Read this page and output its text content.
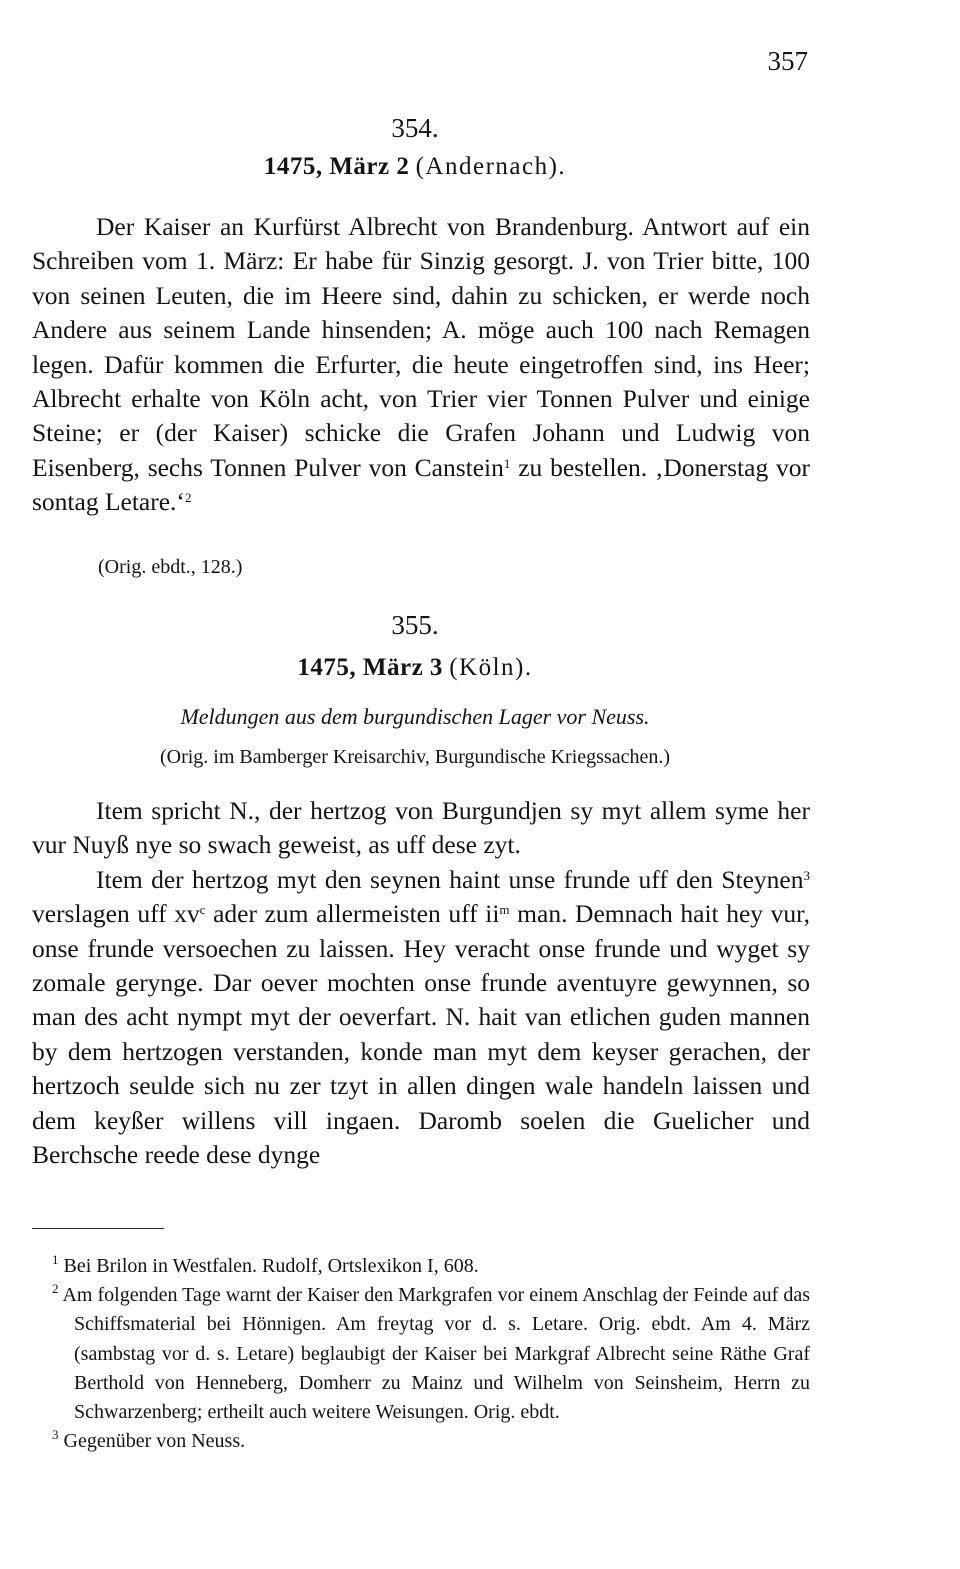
357
354.
1475, März 2 (Andernach).

Der Kaiser an Kurfürst Albrecht von Brandenburg. Antwort auf ein Schreiben vom 1. März: Er habe für Sinzig gesorgt. J. von Trier bitte, 100 von seinen Leuten, die im Heere sind, dahin zu schicken, er werde noch Andere aus seinem Lande hinsenden; A. möge auch 100 nach Remagen legen. Dafür kommen die Erfurter, die heute eingetroffen sind, ins Heer; Albrecht erhalte von Köln acht, von Trier vier Tonnen Pulver und einige Steine; er (der Kaiser) schicke die Grafen Johann und Ludwig von Eisenberg, sechs Tonnen Pulver von Canstein$^1$ zu bestellen. ‚Donerstag vor sontag Letare.‘$^2$

(Orig. ebdt., 128.)
355.
1475, März 3 (Köln).
Meldungen aus dem burgundischen Lager vor Neuss.
(Orig. im Bamberger Kreisarchiv, Burgundische Kriegssachen.)

Item spricht N., der hertzog von Burgundjen sy myt allem syme her vur Nuyß nye so swach geweist, as uff dese zyt.

Item der hertzog myt den seynen haint unse frunde uff den Steynen$^3$ verslagen uff $xv^c$ ader zum allermeisten uff $ii^m$ man. Demnach hait hey vur, onse frunde versoechen zu laissen. Hey veracht onse frunde und wyget sy zomale gerynge. Dar oever mochten onse frunde aventuyre gewynnen, so man des acht nympt myt der oeverfart. N. hait van etlichen guden mannen by dem hertzogen verstanden, konde man myt dem keyser gerachen, der hertzoch seulde sich nu zer tzyt in allen dingen wale handeln laissen und dem keyßer willens vill ingaen. Daromb soelen die Guelicher und Berchsche reede dese dynge

$^1$ Bei Brilon in Westfalen. Rudolf, Ortslexikon I, 608.

$^2$ Am folgenden Tage warnt der Kaiser den Markgrafen vor einem Anschlag der Feinde auf das Schiffsmaterial bei Hönnigen. Am freytag vor d. s. Letare. Orig. ebdt. Am 4. März (sambstag vor d. s. Letare) beglaubigt der Kaiser bei Markgraf Albrecht seine Räthe Graf Berthold von Henneberg, Domherr zu Mainz und Wilhelm von Seinsheim, Herrn zu Schwarzenberg; ertheilt auch weitere Weisungen. Orig. ebdt.

$^3$ Gegenüber von Neuss.
